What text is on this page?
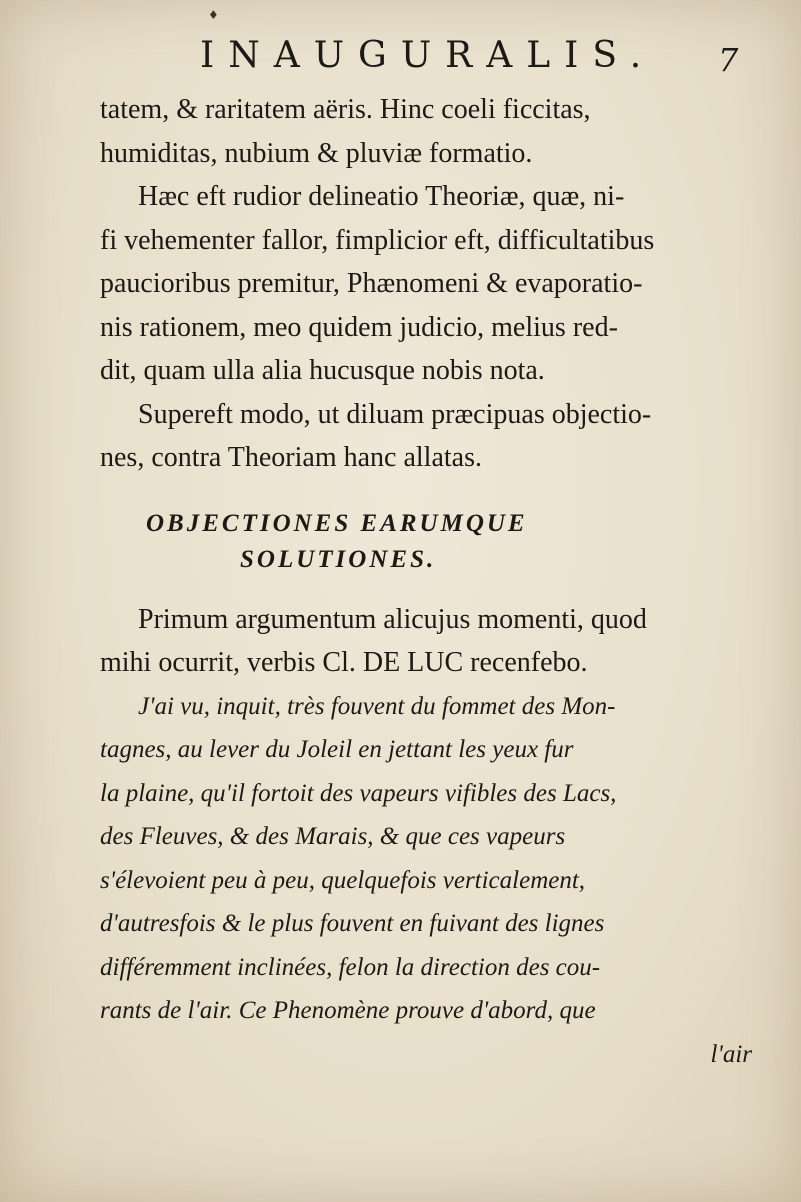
♦
INAUGURALIS. 7
tatem, & raritatem aëris. Hinc coeli ficcitas,
humiditas, nubium & pluviæ formatio.
Hæc eft rudior delineatio Theoriæ, quæ, ni-
fi vehementer fallor, fimplicior eft, difficultatibus
paucioribus premitur, Phænomeni & evaporatio-
nis rationem, meo quidem judicio, melius red-
dit, quam ulla alia hucusque nobis nota.
Supereft modo, ut diluam præcipuas objectio-
nes, contra Theoriam hanc allatas.
OBJECTIONES EARUMQUE
SOLUTIONES.
Primum argumentum alicujus momenti, quod
mihi ocurrit, verbis Cl. DE LUC recenfebo.
J'ai vu, inquit, très fouvent du fommet des Mon-
tagnes, au lever du Joleil en jettant les yeux fur
la plaine, qu'il fortoit des vapeurs vifibles des Lacs,
des Fleuves, & des Marais, & que ces vapeurs
s'élevoient peu à peu, quelquefois verticalement,
d'autresfois & le plus fouvent en fuivant des lignes
différemment inclinées, felon la direction des cou-
rants de l'air. Ce Phenomène prouve d'abord, que
l'air
